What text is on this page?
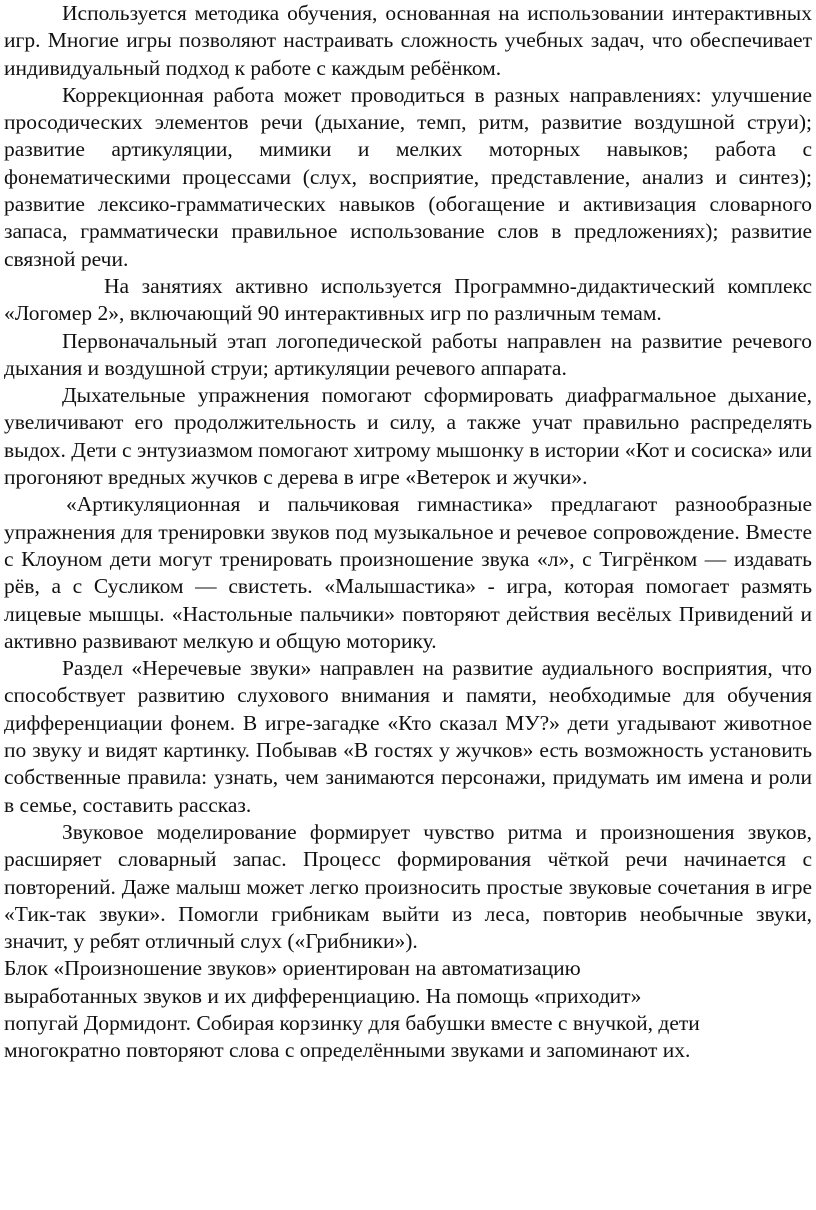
Используется методика обучения, основанная на использовании интерактивных игр. Многие игры позволяют настраивать сложность учебных задач, что обеспечивает индивидуальный подход к работе с каждым ребёнком.

Коррекционная работа может проводиться в разных направлениях: улучшение просодических элементов речи (дыхание, темп, ритм, развитие воздушной струи); развитие артикуляции, мимики и мелких моторных навыков; работа с фонематическими процессами (слух, восприятие, представление, анализ и синтез); развитие лексико-грамматических навыков (обогащение и активизация словарного запаса, грамматически правильное использование слов в предложениях); развитие связной речи.

На занятиях активно используется Программно-дидактический комплекс «Логомер 2», включающий 90 интерактивных игр по различным темам.

Первоначальный этап логопедической работы направлен на развитие речевого дыхания и воздушной струи; артикуляции речевого аппарата.

Дыхательные упражнения помогают сформировать диафрагмальное дыхание, увеличивают его продолжительность и силу, а также учат правильно распределять выдох. Дети с энтузиазмом помогают хитрому мышонку в истории «Кот и сосиска» или прогоняют вредных жучков с дерева в игре «Ветерок и жучки».

«Артикуляционная и пальчиковая гимнастика» предлагают разнообразные упражнения для тренировки звуков под музыкальное и речевое сопровождение. Вместе с Клоуном дети могут тренировать произношение звука «л», с Тигрёнком — издавать рёв, а с Сусликом — свистеть. «Малышастика» - игра, которая помогает размять лицевые мышцы. «Настольные пальчики» повторяют действия весёлых Привидений и активно развивают мелкую и общую моторику.

Раздел «Неречевые звуки» направлен на развитие аудиального восприятия, что способствует развитию слухового внимания и памяти, необходимые для обучения дифференциации фонем. В игре-загадке «Кто сказал МУ?» дети угадывают животное по звуку и видят картинку. Побывав «В гостях у жучков» есть возможность установить собственные правила: узнать, чем занимаются персонажи, придумать им имена и роли в семье, составить рассказ.

Звуковое моделирование формирует чувство ритма и произношения звуков, расширяет словарный запас. Процесс формирования чёткой речи начинается с повторений. Даже малыш может легко произносить простые звуковые сочетания в игре «Тик-так звуки». Помогли грибникам выйти из леса, повторив необычные звуки, значит, у ребят отличный слух («Грибники»).

Блок «Произношение звуков» ориентирован на автоматизацию
выработанных звуков и их дифференциацию. На помощь «приходит»
попугай Дормидонт. Собирая корзинку для бабушки вместе с внучкой, дети
многократно повторяют слова с определёнными звуками и запоминают их.
